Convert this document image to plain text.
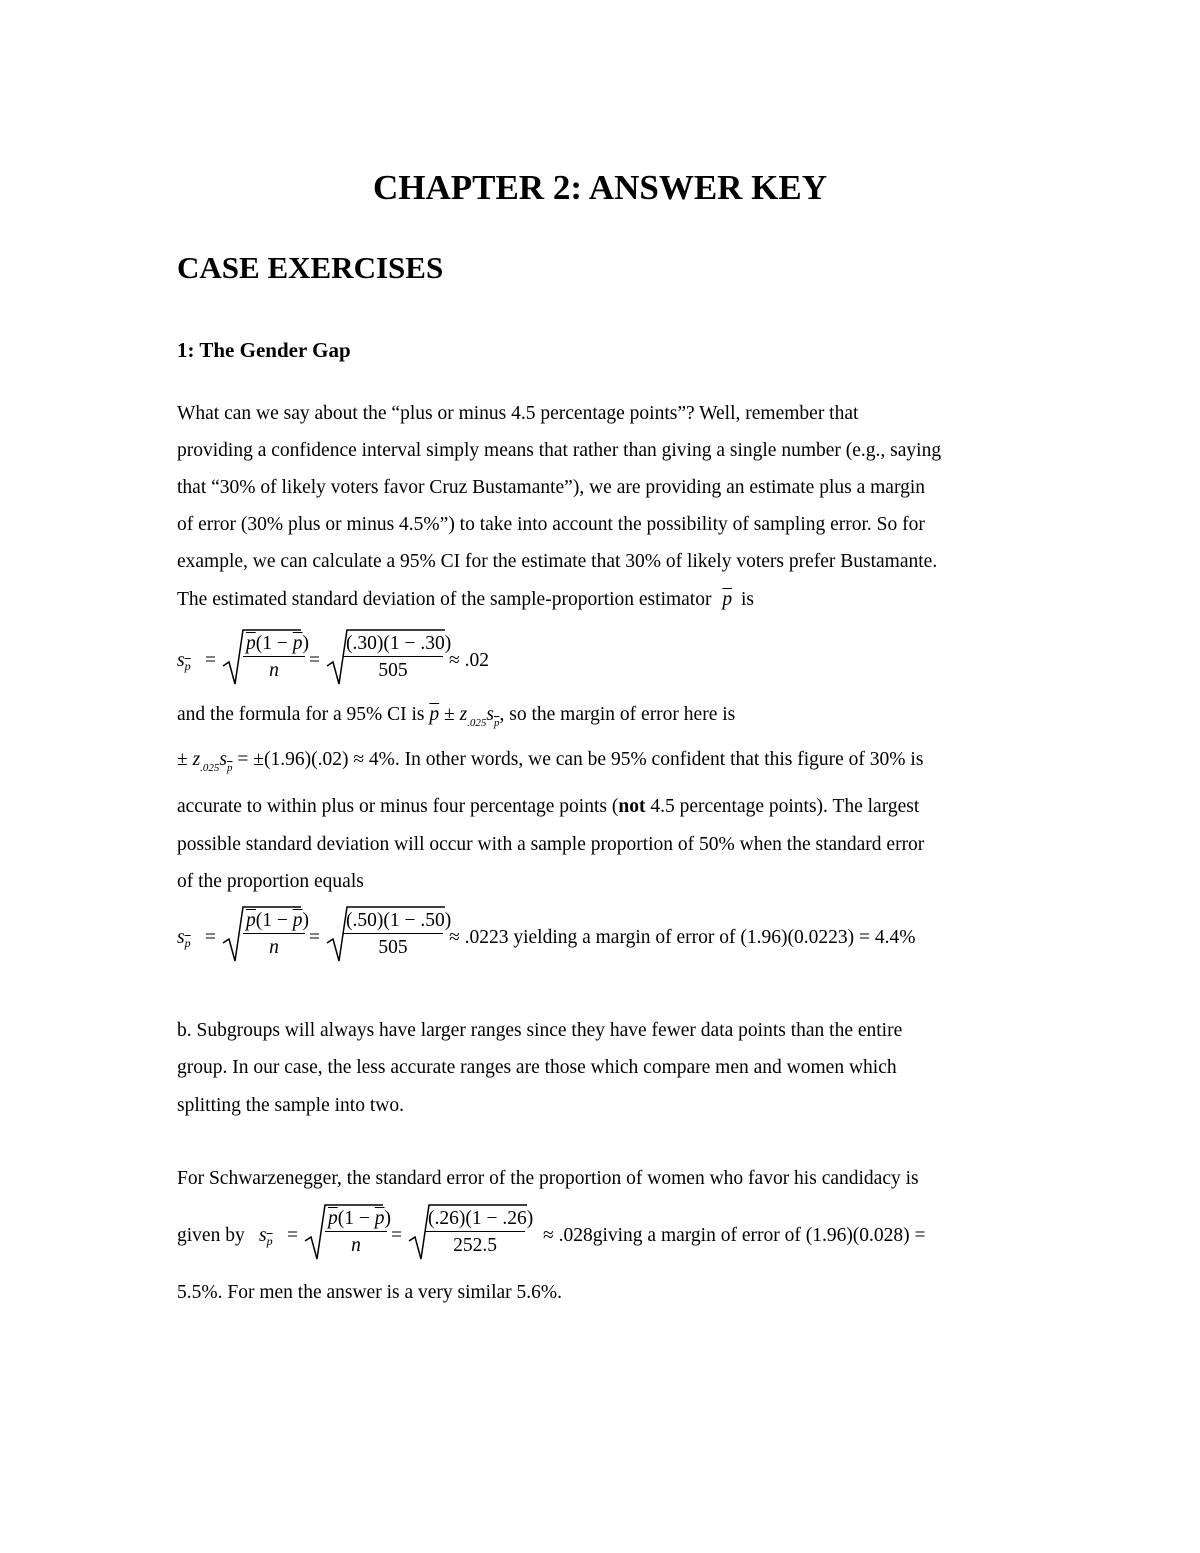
CHAPTER 2: ANSWER KEY
CASE EXERCISES
1: The Gender Gap
What can we say about the “plus or minus 4.5 percentage points”? Well, remember that
providing a confidence interval simply means that rather than giving a single number (e.g., saying
that “30% of likely voters favor Cruz Bustamante”), we are providing an estimate plus a margin
of error (30% plus or minus 4.5%”) to take into account the possibility of sampling error. So for
example, we can calculate a 95% CI for the estimate that 30% of likely voters prefer Bustamante.
The estimated standard deviation of the sample-proportion estimator $\overline{p}$ is
$s_{\overline{p}} = \frac{\overline{p}(1 - \overline{p})}{n} = \frac{(.30)(1 - .30)}{505} \approx .02$
and the formula for a 95% CI is $\overline{p} \pm z_{.025}s_{\overline{p}}$, so the margin of error here is
± $z_{.025}s_{\overline{p}} = \pm(1.96)(.02) \approx 4\%$. In other words, we can be 95% confident that this figure of 30% is
accurate to within plus or minus four percentage points (not 4.5 percentage points). The largest
possible standard deviation will occur with a sample proportion of 50% when the standard error
of the proportion equals
$s_{\overline{p}} = \frac{\overline{p}(1 - \overline{p})}{n} = \frac{(.50)(1 - .50)}{505} \approx .0223$ yielding a margin of error of (1.96)(0.0223) = 4.4%
b. Subgroups will always have larger ranges since they have fewer data points than the entire
group. In our case, the less accurate ranges are those which compare men and women which
splitting the sample into two.
For Schwarzenegger, the standard error of the proportion of women who favor his candidacy is
given by $s_{\overline{p}} = \frac{\overline{p}(1 - \overline{p})}{n} = \frac{(.26)(1 - .26)}{252.5}$ ≈ .028giving a margin of error of (1.96)(0.028) =
5.5%. For men the answer is a very similar 5.6%.
